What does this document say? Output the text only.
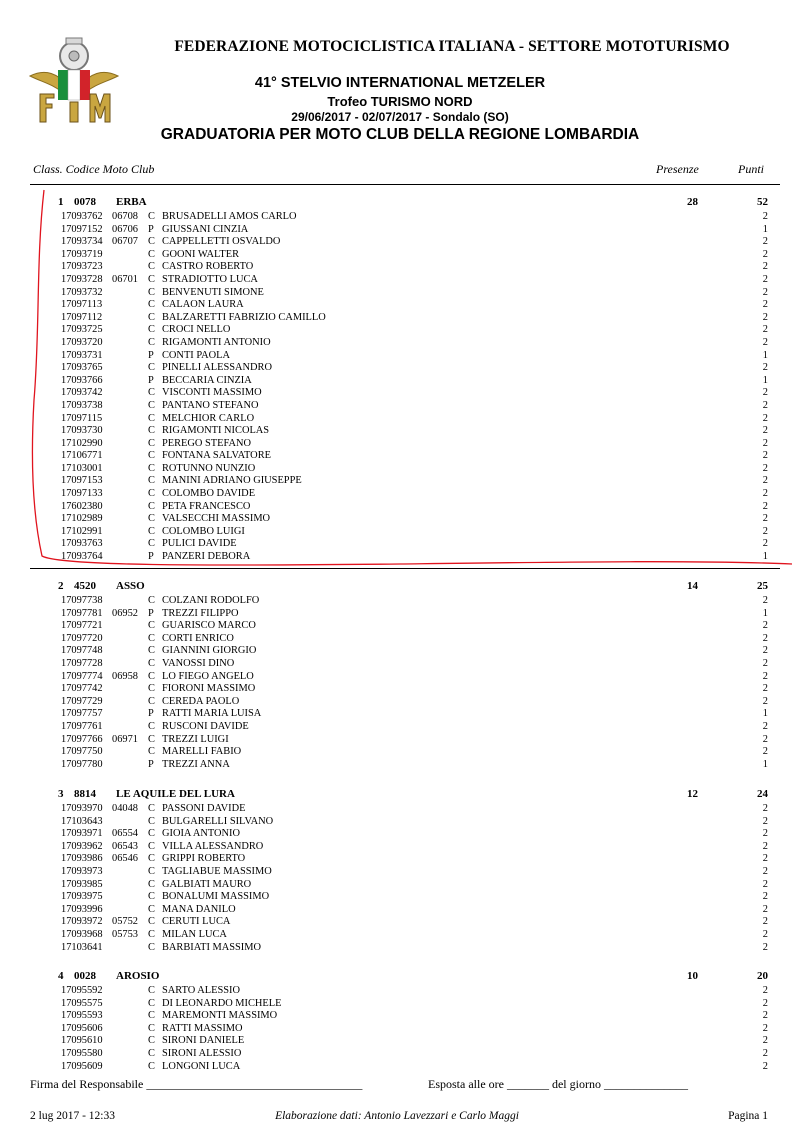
FEDERAZIONE MOTOCICLISTICA ITALIANA - SETTORE MOTOTURISMO
41° STELVIO INTERNATIONAL METZELER
Trofeo TURISMO NORD
29/06/2017 - 02/07/2017 - Sondalo (SO)
GRADUATORIA PER MOTO CLUB DELLA REGIONE LOMBARDIA
Class. Codice Moto Club	Presenze	Punti
1 0078 ERBA	28	52
17093762 06708 C BRUSADELLI AMOS CARLO	2
17097152 06706 P GIUSSANI CINZIA	1
17093734 06707 C CAPPELLETTI OSVALDO	2
17093719	C GOONI WALTER	2
17093723	C CASTRO ROBERTO	2
17093728 06701 C STRADIOTTO LUCA	2
17093732	C BENVENUTI SIMONE	2
17097113	C CALAON LAURA	2
17097112	C BALZARETTI FABRIZIO CAMILLO	2
17093725	C CROCI NELLO	2
17093720	C RIGAMONTI ANTONIO	2
17093731	P CONTI PAOLA	1
17093765	C PINELLI ALESSANDRO	2
17093766	P BECCARIA CINZIA	1
17093742	C VISCONTI MASSIMO	2
17093738	C PANTANO STEFANO	2
17097115	C MELCHIOR CARLO	2
17093730	C RIGAMONTI NICOLAS	2
17102990	C PEREGO STEFANO	2
17106771	C FONTANA SALVATORE	2
17103001	C ROTUNNO NUNZIO	2
17097153	C MANINI ADRIANO GIUSEPPE	2
17097133	C COLOMBO DAVIDE	2
17602380	C PETA FRANCESCO	2
17102989	C VALSECCHI MASSIMO	2
17102991	C COLOMBO LUIGI	2
17093763	C PULICI DAVIDE	2
17093764	P PANZERI DEBORA	1
2 4520 ASSO	14	25
17097738	C COLZANI RODOLFO	2
17097781 06952 P TREZZI FILIPPO	1
17097721	C GUARISCO MARCO	2
17097720	C CORTI ENRICO	2
17097748	C GIANNINI GIORGIO	2
17097728	C VANOSSI DINO	2
17097774 06958 C LO FIEGO ANGELO	2
17097742	C FIORONI MASSIMO	2
17097729	C CEREDA PAOLO	2
17097757	P RATTI MARIA LUISA	1
17097761	C RUSCONI DAVIDE	2
17097766 06971 C TREZZI LUIGI	2
17097750	C MARELLI FABIO	2
17097780	P TREZZI ANNA	1
3 8814 LE AQUILE DEL LURA	12	24
17093970 04048 C PASSONI DAVIDE	2
17103643	C BULGARELLI SILVANO	2
17093971 06554 C GIOIA ANTONIO	2
17093962 06543 C VILLA ALESSANDRO	2
17093986 06546 C GRIPPI ROBERTO	2
17093973	C TAGLIABUE MASSIMO	2
17093985	C GALBIATI MAURO	2
17093975	C BONALUMI MASSIMO	2
17093996	C MANA DANILO	2
17093972 05752 C CERUTI LUCA	2
17093968 05753 C MILAN LUCA	2
17103641	C BARBIATI MASSIMO	2
4 0028 AROSIO	10	20
17095592	C SARTO ALESSIO	2
17095575	C DI LEONARDO MICHELE	2
17095593	C MAREMONTI MASSIMO	2
17095606	C RATTI MASSIMO	2
17095610	C SIRONI DANIELE	2
17095580	C SIRONI ALESSIO	2
17095609	C LONGONI LUCA	2
Firma del Responsabile ____________________________________	Esposta alle ore _______ del giorno ______________
Elaborazione dati: Antonio Lavezzari e Carlo Maggi
2 lug 2017 - 12:33	Pagina 1
